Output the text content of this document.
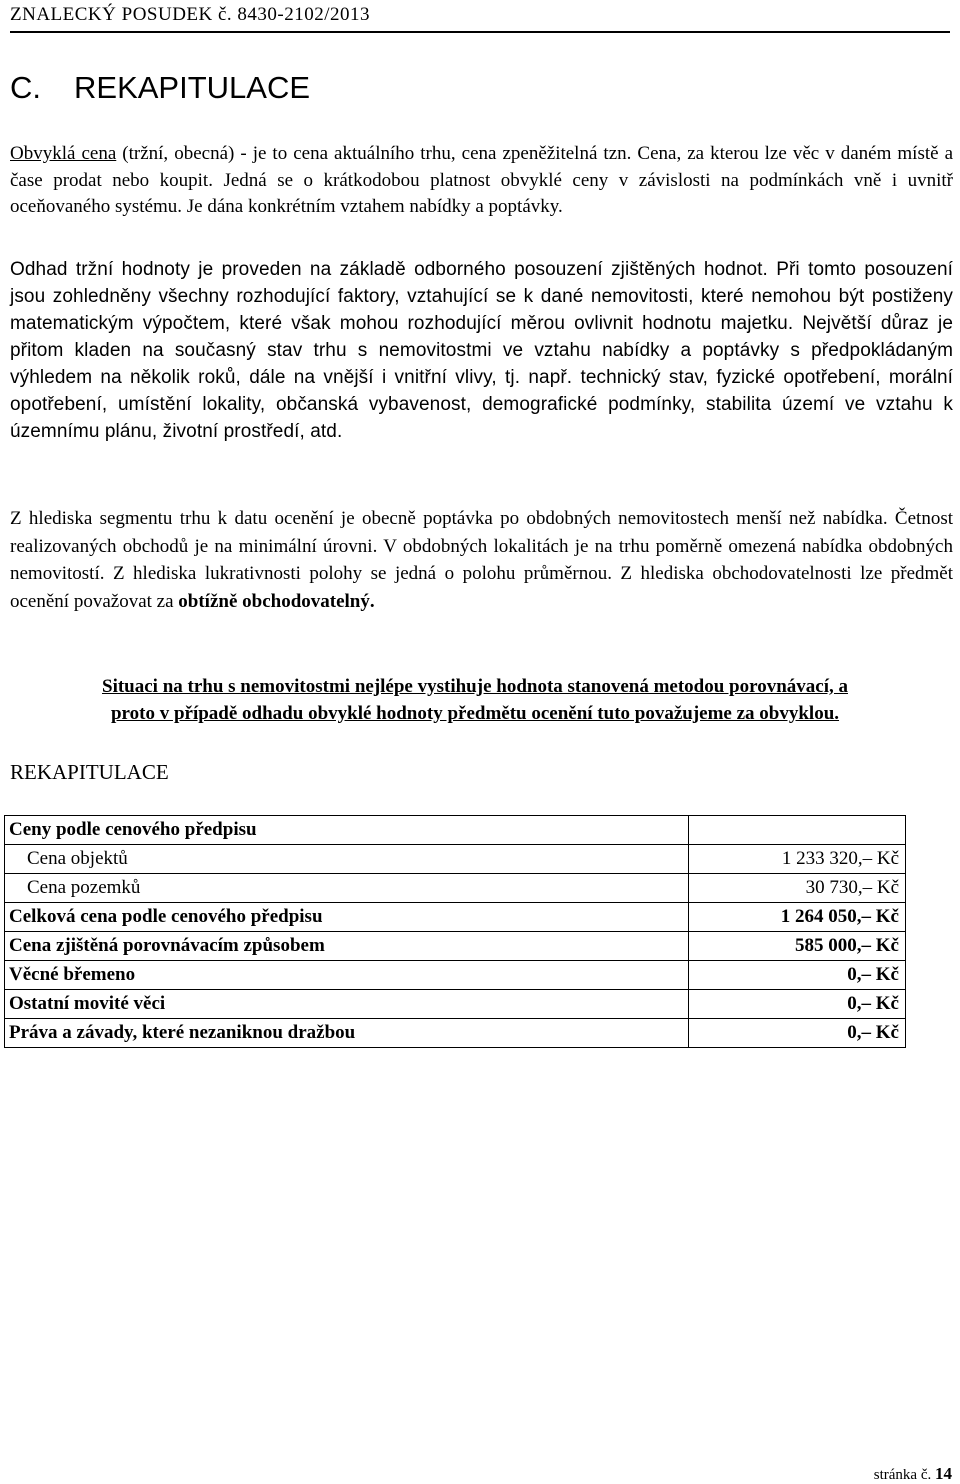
ZNALECKÝ POSUDEK č. 8430-2102/2013
C. REKAPITULACE
Obvyklá cena (tržní, obecná) - je to cena aktuálního trhu, cena zpeněžitelná tzn. Cena, za kterou lze věc v daném místě a čase prodat nebo koupit. Jedná se o krátkodobou platnost obvyklé ceny v závislosti na podmínkách vně i uvnitř oceňovaného systému. Je dána konkrétním vztahem nabídky a poptávky.
Odhad tržní hodnoty je proveden na základě odborného posouzení zjištěných hodnot. Při tomto posouzení jsou zohledněny všechny rozhodující faktory, vztahující se k dané nemovitosti, které nemohou být postiženy matematickým výpočtem, které však mohou rozhodující měrou ovlivnit hodnotu majetku. Největší důraz je přitom kladen na současný stav trhu s nemovitostmi ve vztahu nabídky a poptávky s předpokládaným výhledem na několik roků, dále na vnější i vnitřní vlivy, tj. např. technický stav, fyzické opotřebení, morální opotřebení, umístění lokality, občanská vybavenost, demografické podmínky, stabilita území ve vztahu k územnímu plánu, životní prostředí, atd.
Z hlediska segmentu trhu k datu ocenění je obecně poptávka po obdobných nemovitostech menší než nabídka. Četnost realizovaných obchodů je na minimální úrovni. V obdobných lokalitách je na trhu poměrně omezená nabídka obdobných nemovitostí. Z hlediska lukrativnosti polohy se jedná o polohu průměrnou. Z hlediska obchodovatelnosti lze předmět ocenění považovat za obtížně obchodovatelný.
Situaci na trhu s nemovitostmi nejlépe vystihuje hodnota stanovená metodou porovnávací, a
proto v případě odhadu obvyklé hodnoty předmětu ocenění tuto považujeme za obvyklou.
REKAPITULACE
Ceny podle cenového předpisu	
Cena objektů	1 233 320,– Kč
Cena pozemků	30 730,– Kč
Celková cena podle cenového předpisu	1 264 050,– Kč
Cena zjištěná porovnávacím způsobem	585 000,– Kč
Věcné břemeno	0,– Kč
Ostatní movité věci	0,– Kč
Práva a závady, které nezaniknou dražbou	0,– Kč
stránka č. 14
